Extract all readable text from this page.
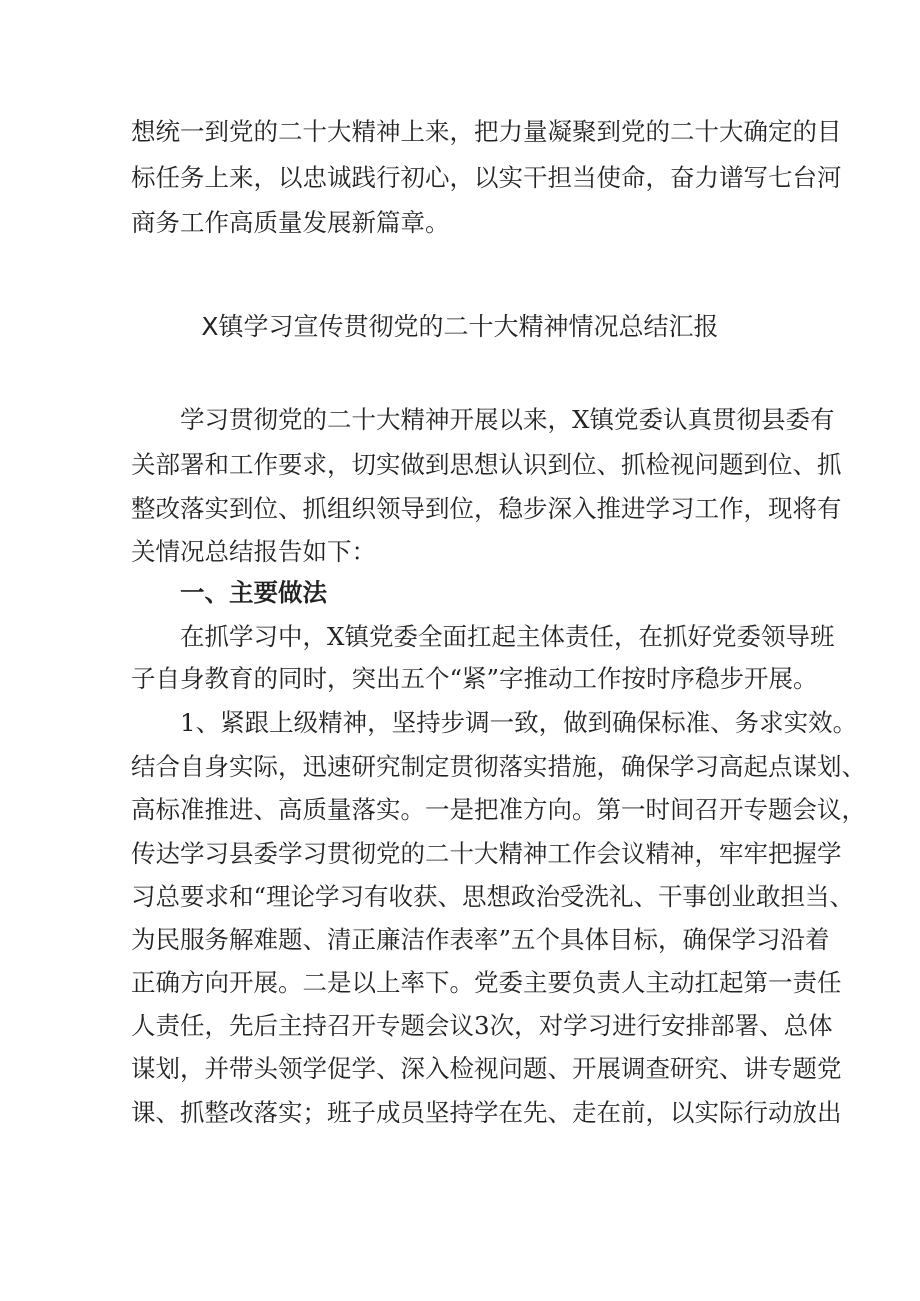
想统一到党的二十大精神上来，把力量凝聚到党的二十大确定的目
标任务上来，以忠诚践行初心，以实干担当使命，奋力谱写七台河
商务工作高质量发展新篇章。
X镇学习宣传贯彻党的二十大精神情况总结汇报
学习贯彻党的二十大精神开展以来，X镇党委认真贯彻县委有
关部署和工作要求，切实做到思想认识到位、抓检视问题到位、抓
整改落实到位、抓组织领导到位，稳步深入推进学习工作，现将有
关情况总结报告如下：
一、主要做法
在抓学习中，X镇党委全面扛起主体责任，在抓好党委领导班
子自身教育的同时，突出五个“紧”字推动工作按时序稳步开展。
1、紧跟上级精神，坚持步调一致，做到确保标准、务求实效。
结合自身实际，迅速研究制定贯彻落实措施，确保学习高起点谋划、
高标准推进、高质量落实。一是把准方向。第一时间召开专题会议，
传达学习县委学习贯彻党的二十大精神工作会议精神，牢牢把握学
习总要求和“理论学习有收获、思想政治受洗礼、干事创业敢担当、
为民服务解难题、清正廉洁作表率”五个具体目标，确保学习沿着
正确方向开展。二是以上率下。党委主要负责人主动扛起第一责任
人责任，先后主持召开专题会议3次，对学习进行安排部署、总体
谋划，并带头领学促学、深入检视问题、开展调查研究、讲专题党
课、抓整改落实；班子成员坚持学在先、走在前，以实际行动放出
